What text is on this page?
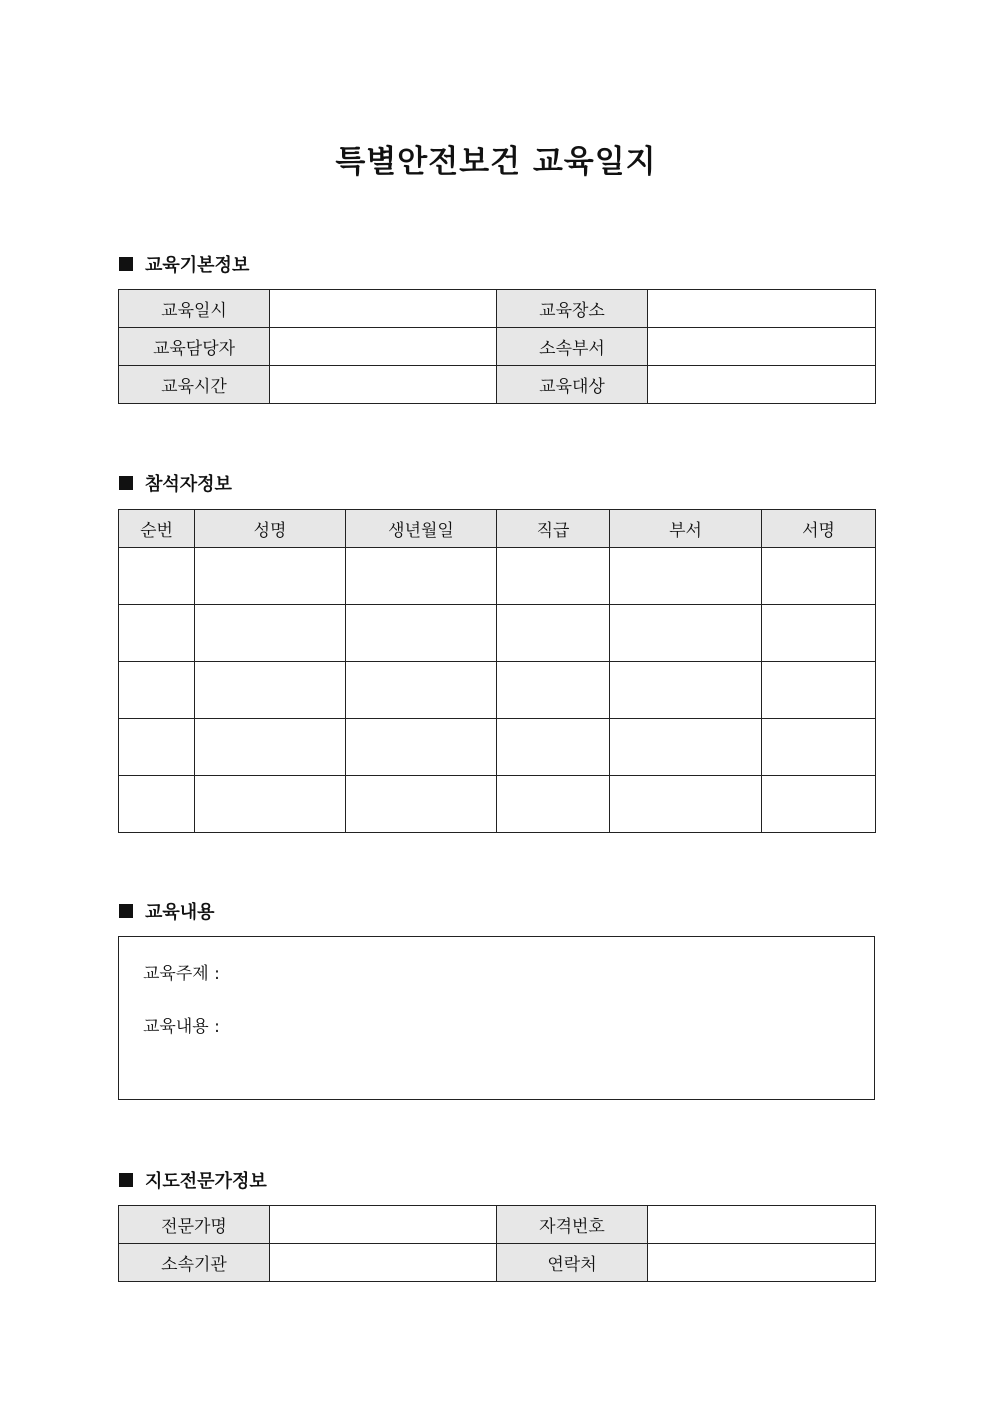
특별안전보건 교육일지
교육기본정보
교육일시		교육장소	
교육담당자		소속부서	
교육시간		교육대상	
참석자정보
순번	성명	생년월일	직급	부서	서명

교육내용
교육주제 :
교육내용 :
지도전문가정보
전문가명		자격번호	
소속기관		연락처	
